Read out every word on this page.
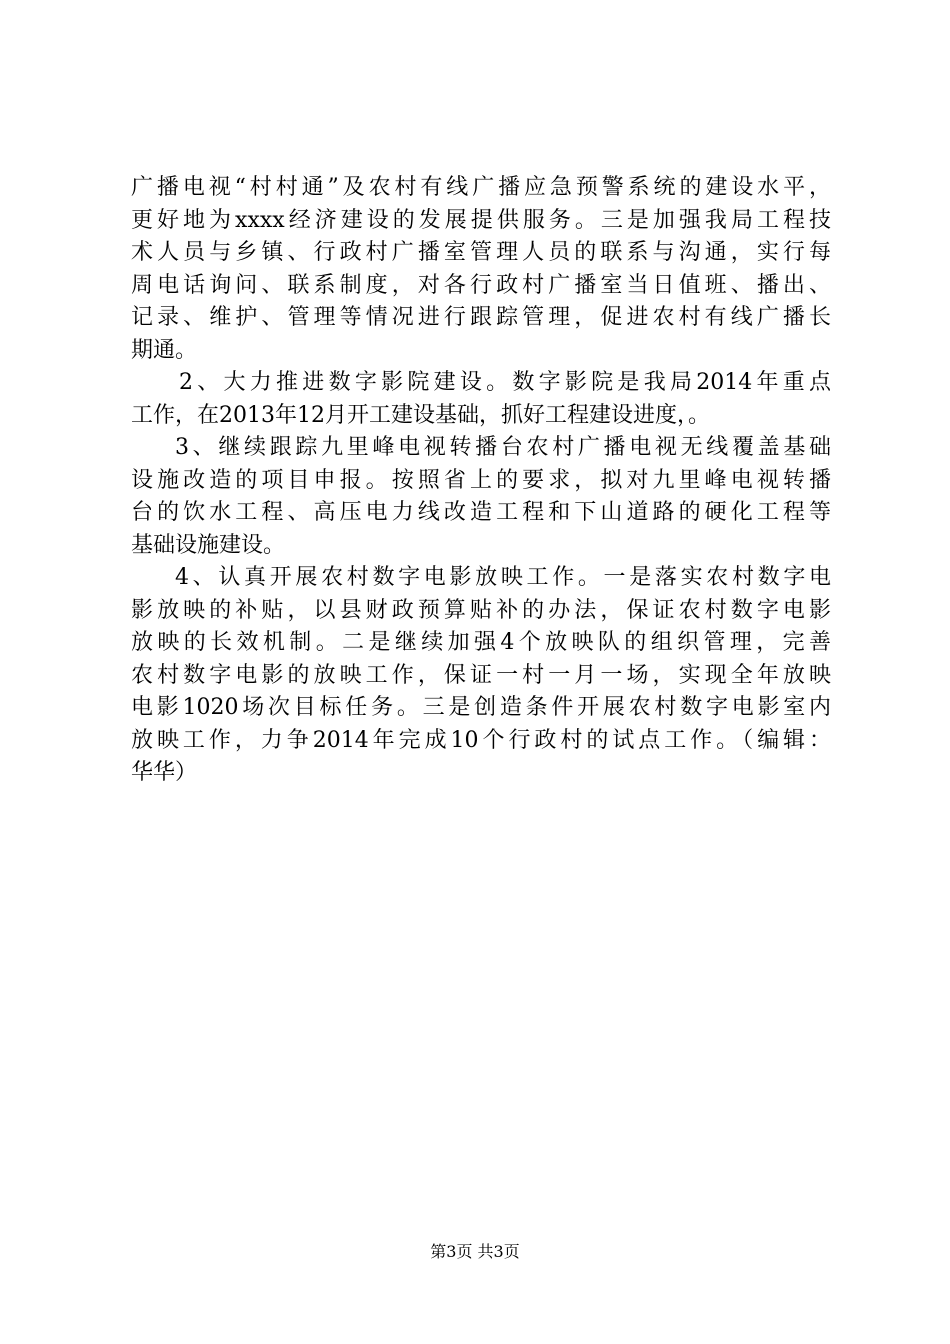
广播电视“村村通”及农村有线广播应急预警系统的建设水平，
更好地为xxxx经济建设的发展提供服务。三是加强我局工程技
术人员与乡镇、行政村广播室管理人员的联系与沟通，实行每
周电话询问、联系制度，对各行政村广播室当日值班、播出、
记录、维护、管理等情况进行跟踪管理，促进农村有线广播长
期通。
2、大力推进数字影院建设。数字影院是我局2014年重点
工作，在2013年12月开工建设基础，抓好工程建设进度，。
3、继续跟踪九里峰电视转播台农村广播电视无线覆盖基础
设施改造的项目申报。按照省上的要求，拟对九里峰电视转播
台的饮水工程、高压电力线改造工程和下山道路的硬化工程等
基础设施建设。
4、认真开展农村数字电影放映工作。一是落实农村数字电
影放映的补贴，以县财政预算贴补的办法，保证农村数字电影
放映的长效机制。二是继续加强4个放映队的组织管理，完善
农村数字电影的放映工作，保证一村一月一场，实现全年放映
电影1020场次目标任务。三是创造条件开展农村数字电影室内
放映工作，力争2014年完成10个行政村的试点工作。（编辑：
华华）
第3页 共3页
